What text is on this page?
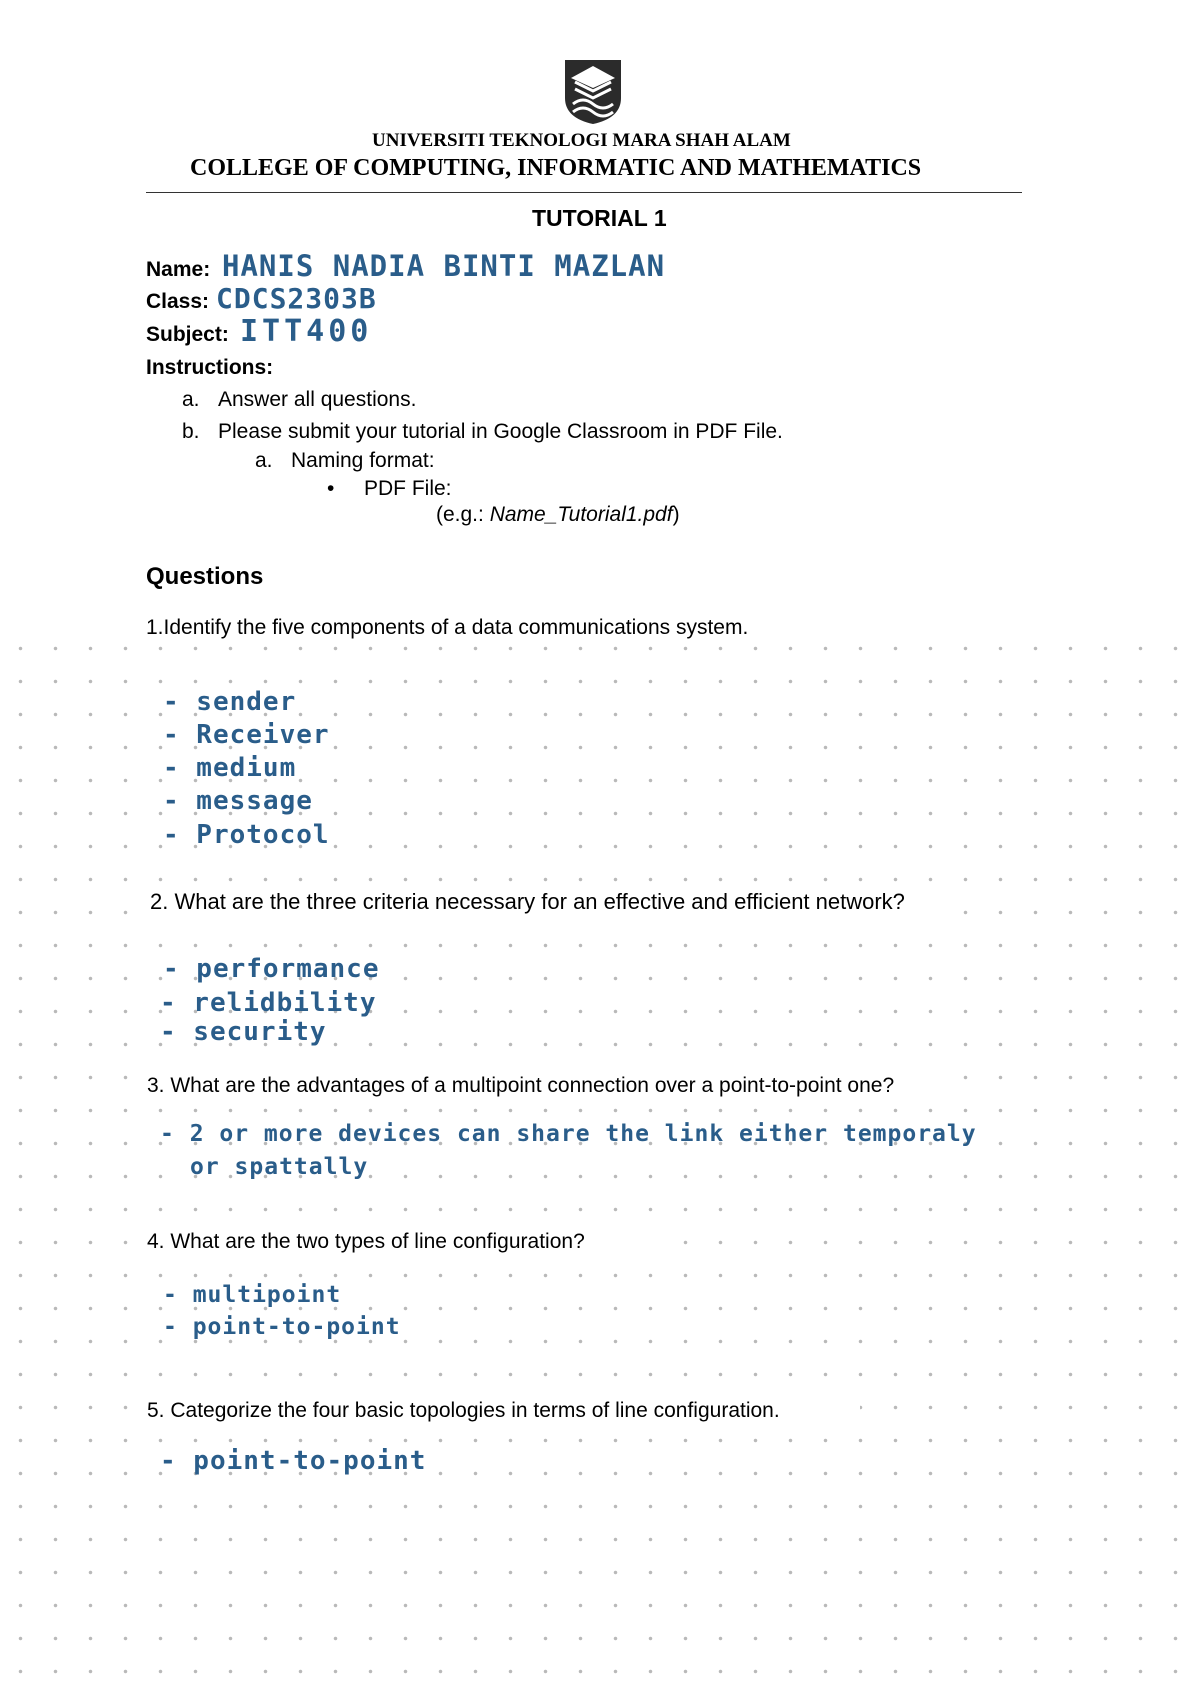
UNIVERSITI TEKNOLOGI MARA SHAH ALAM
COLLEGE OF COMPUTING, INFORMATIC AND MATHEMATICS
TUTORIAL 1
Name: HANIS NADIA BINTI MAZLAN
Class: CDCS2303B
Subject: ITT400
Instructions:
a. Answer all questions.
b. Please submit your tutorial in Google Classroom in PDF File.
a. Naming format:
• PDF File:
(e.g.: Name_Tutorial1.pdf)
Questions
1.Identify the five components of a data communications system.
- sender
- Receiver
- medium
- message
- Protocol
2. What are the three criteria necessary for an effective and efficient network?
- performance
- relidbility
- security
3. What are the advantages of a multipoint connection over a point-to-point one?
- 2 or more devices can share the link either temporaly
or spattally
4. What are the two types of line configuration?
- multipoint
- point-to-point
5. Categorize the four basic topologies in terms of line configuration.
- point-to-point
